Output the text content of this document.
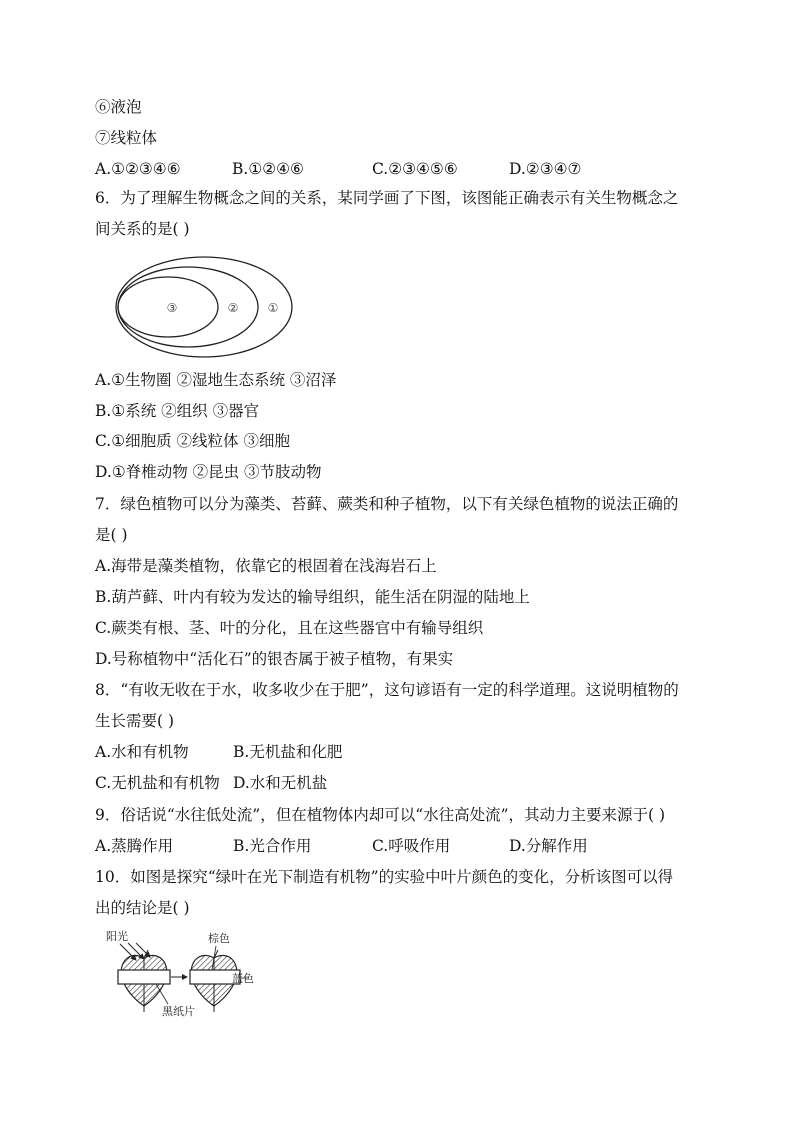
⑥液泡
⑦线粒体
A.①②③④⑥	B.①②④⑥	C.②③④⑤⑥	D.②③④⑦
6．为了理解生物概念之间的关系，某同学画了下图，该图能正确表示有关生物概念之
间关系的是( )
①
②
③
A.①生物圈 ②湿地生态系统 ③沼泽
B.①系统 ②组织 ③器官
C.①细胞质 ②线粒体 ③细胞
D.①脊椎动物 ②昆虫 ③节肢动物
7．绿色植物可以分为藻类、苔藓、蕨类和种子植物，以下有关绿色植物的说法正确的
是( )
A.海带是藻类植物，依靠它的根固着在浅海岩石上
B.葫芦藓、叶内有较为发达的输导组织，能生活在阴湿的陆地上
C.蕨类有根、茎、叶的分化，且在这些器官中有输导组织
D.号称植物中“活化石”的银杏属于被子植物，有果实
8．“有收无收在于水，收多收少在于肥”，这句谚语有一定的科学道理。这说明植物的
生长需要( )
A.水和有机物	B.无机盐和化肥
C.无机盐和有机物 D.水和无机盐
9．俗话说“水往低处流”，但在植物体内却可以“水往高处流”，其动力主要来源于( )
A.蒸腾作用	B.光合作用	C.呼吸作用	D.分解作用
10．如图是探究“绿叶在光下制造有机物”的实验中叶片颜色的变化，分析该图可以得
出的结论是( )
阳光	棕色
蓝色
黑纸片
